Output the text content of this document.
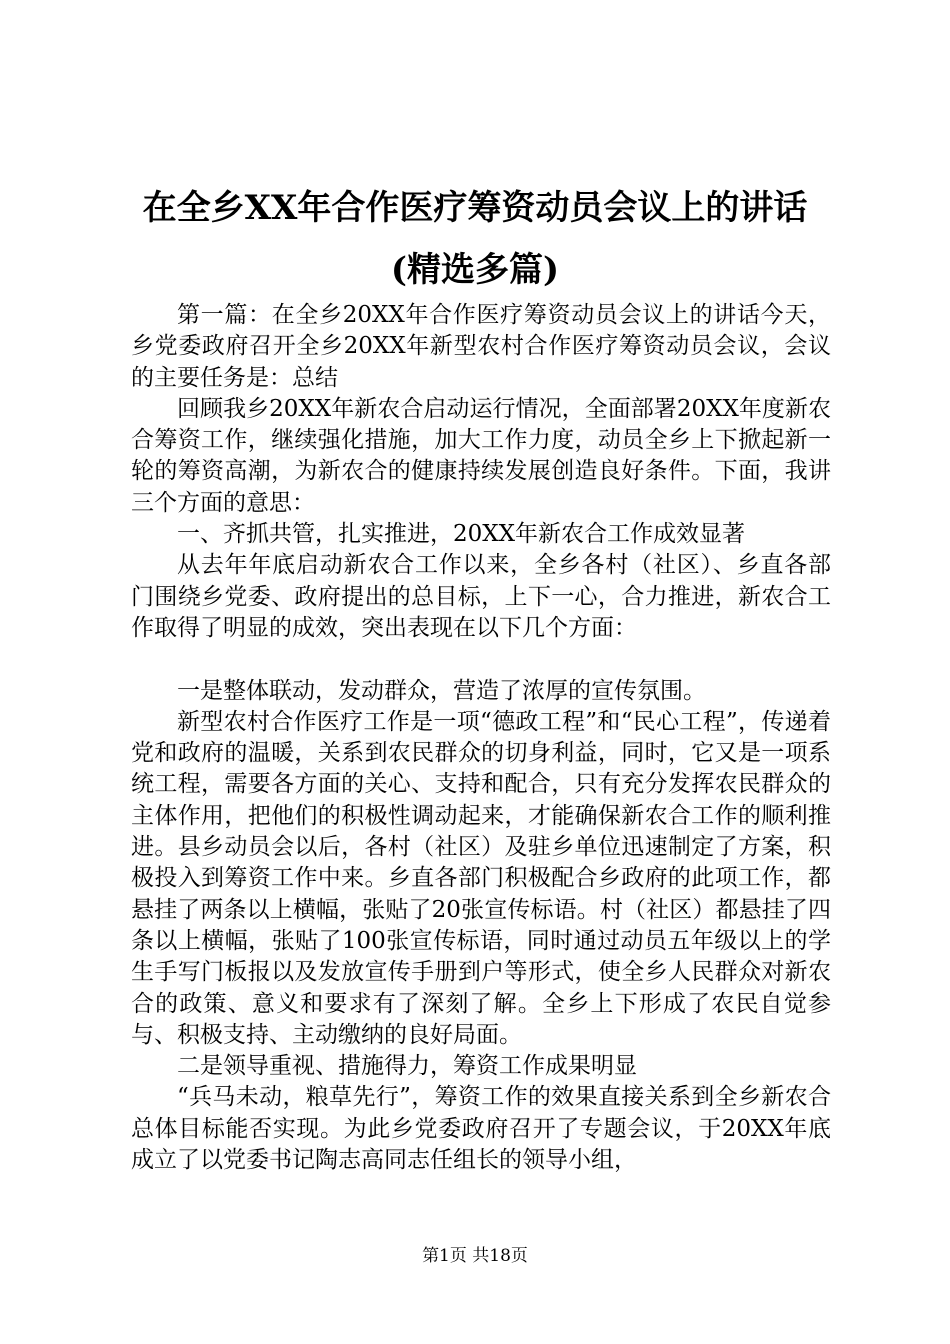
在全乡XX年合作医疗筹资动员会议上的讲话
(精选多篇)

第一篇：在全乡20XX年合作医疗筹资动员会议上的讲话今天，乡党委政府召开全乡20XX年新型农村合作医疗筹资动员会议，会议的主要任务是：总结

回顾我乡20XX年新农合启动运行情况，全面部署20XX年度新农合筹资工作，继续强化措施，加大工作力度，动员全乡上下掀起新一轮的筹资高潮，为新农合的健康持续发展创造良好条件。下面，我讲三个方面的意思：

一、齐抓共管，扎实推进，20XX年新农合工作成效显著

从去年年底启动新农合工作以来，全乡各村（社区）、乡直各部门围绕乡党委、政府提出的总目标，上下一心，合力推进，新农合工作取得了明显的成效，突出表现在以下几个方面：

一是整体联动，发动群众，营造了浓厚的宣传氛围。

新型农村合作医疗工作是一项“德政工程”和“民心工程”，传递着党和政府的温暖，关系到农民群众的切身利益，同时，它又是一项系统工程，需要各方面的关心、支持和配合，只有充分发挥农民群众的主体作用，把他们的积极性调动起来，才能确保新农合工作的顺利推进。县乡动员会以后，各村（社区）及驻乡单位迅速制定了方案，积极投入到筹资工作中来。乡直各部门积极配合乡政府的此项工作，都悬挂了两条以上横幅，张贴了20张宣传标语。村（社区）都悬挂了四条以上横幅，张贴了100张宣传标语，同时通过动员五年级以上的学生手写门板报以及发放宣传手册到户等形式，使全乡人民群众对新农合的政策、意义和要求有了深刻了解。全乡上下形成了农民自觉参与、积极支持、主动缴纳的良好局面。

二是领导重视、措施得力，筹资工作成果明显

“兵马未动，粮草先行”，筹资工作的效果直接关系到全乡新农合总体目标能否实现。为此乡党委政府召开了专题会议，于20XX年底成立了以党委书记陶志高同志任组长的领导小组，

第1页 共18页
